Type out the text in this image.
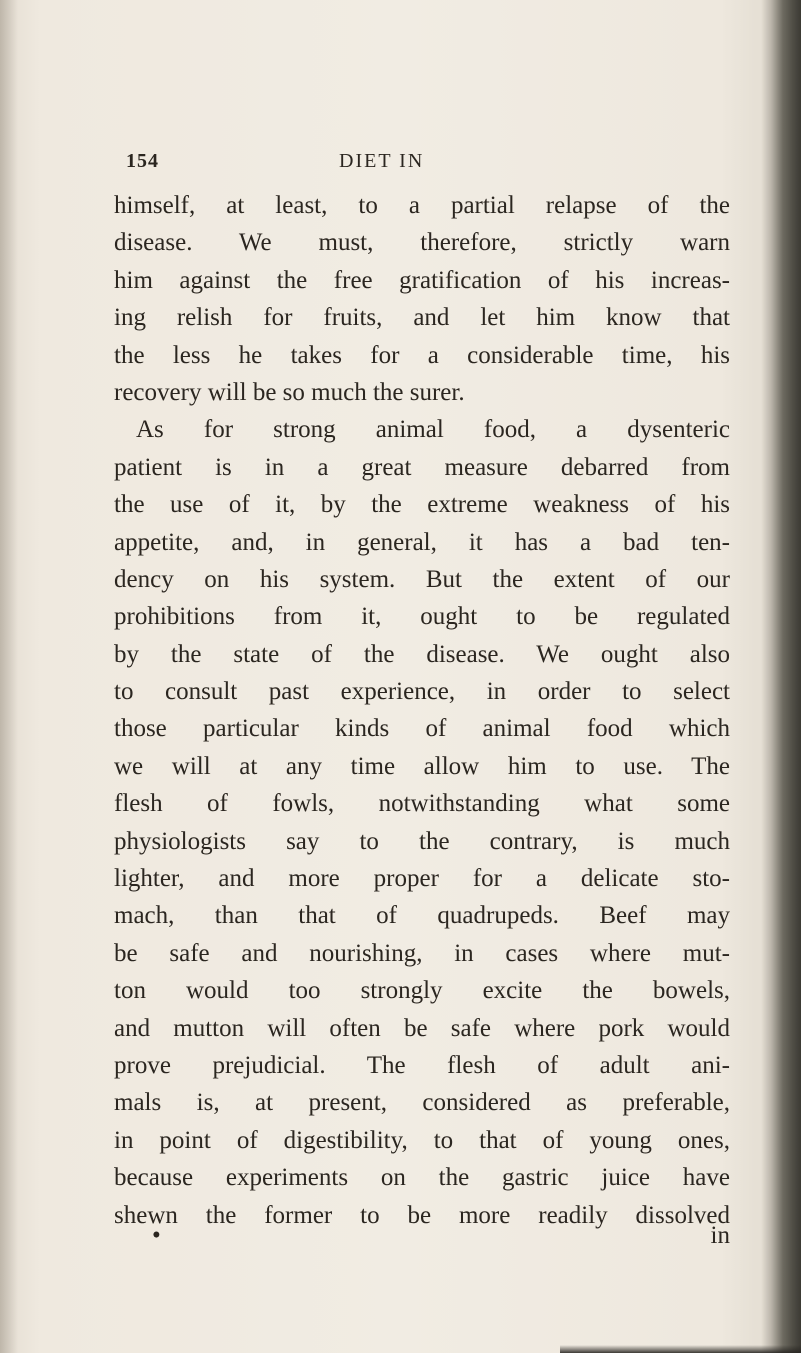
154	DIET IN
himself, at least, to a partial relapse of the
disease. We must, therefore, strictly warn
him against the free gratification of his increas-
ing relish for fruits, and let him know that
the less he takes for a considerable time, his
recovery will be so much the surer.
As for strong animal food, a dysenteric
patient is in a great measure debarred from
the use of it, by the extreme weakness of his
appetite, and, in general, it has a bad ten-
dency on his system. But the extent of our
prohibitions from it, ought to be regulated
by the state of the disease. We ought also
to consult past experience, in order to select
those particular kinds of animal food which
we will at any time allow him to use. The
flesh of fowls, notwithstanding what some
physiologists say to the contrary, is much
lighter, and more proper for a delicate sto-
mach, than that of quadrupeds. Beef may
be safe and nourishing, in cases where mut-
ton would too strongly excite the bowels,
and mutton will often be safe where pork would
prove prejudicial. The flesh of adult ani-
mals is, at present, considered as preferable,
in point of digestibility, to that of young ones,
because experiments on the gastric juice have
shewn the former to be more readily dissolved
•	in
